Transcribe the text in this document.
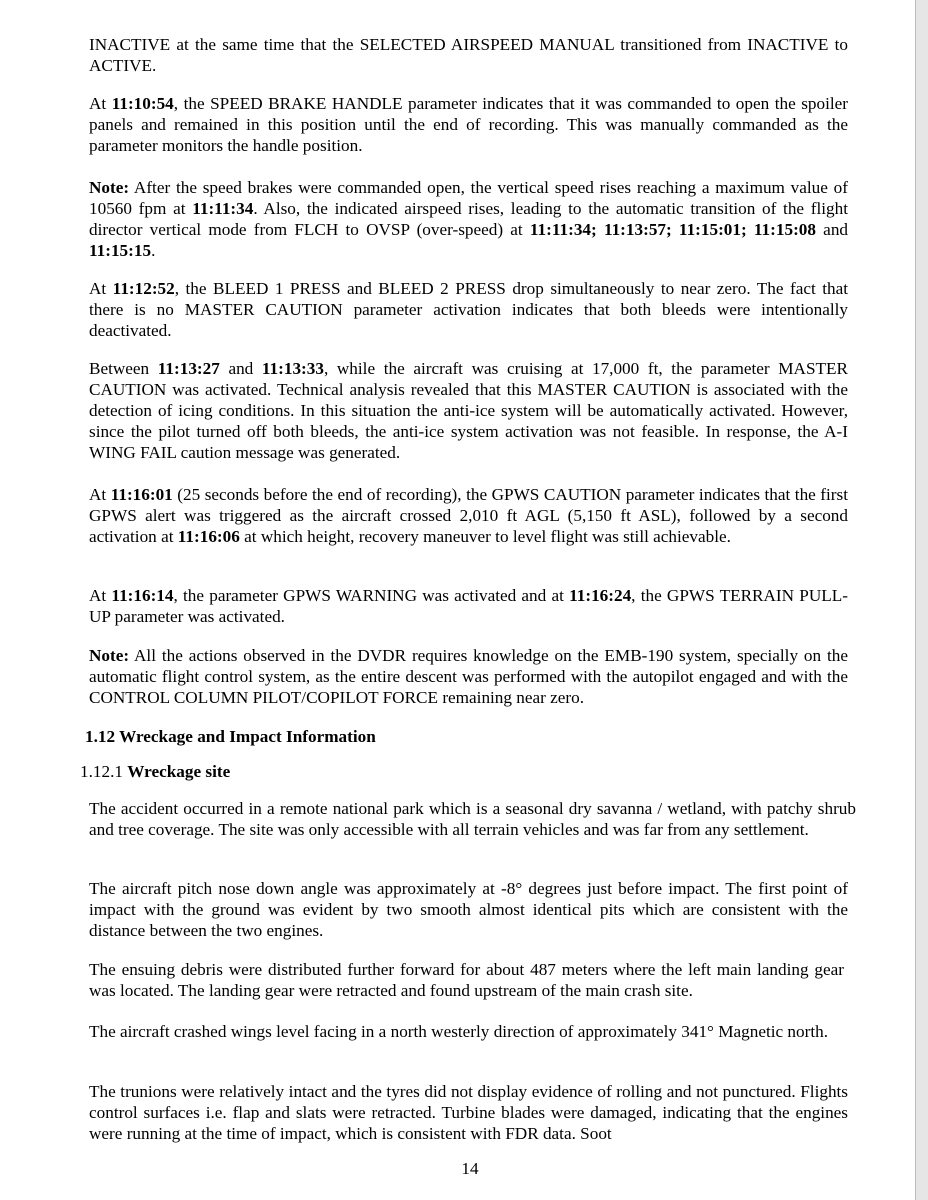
INACTIVE at the same time that the SELECTED AIRSPEED MANUAL transitioned from INACTIVE to ACTIVE.

At 11:10:54, the SPEED BRAKE HANDLE parameter indicates that it was commanded to open the spoiler panels and remained in this position until the end of recording. This was manually commanded as the parameter monitors the handle position.

Note: After the speed brakes were commanded open, the vertical speed rises reaching a maximum value of 10560 fpm at 11:11:34. Also, the indicated airspeed rises, leading to the automatic transition of the flight director vertical mode from FLCH to OVSP (over-speed) at 11:11:34; 11:13:57; 11:15:01; 11:15:08 and 11:15:15.

At 11:12:52, the BLEED 1 PRESS and BLEED 2 PRESS drop simultaneously to near zero. The fact that there is no MASTER CAUTION parameter activation indicates that both bleeds were intentionally deactivated.

Between 11:13:27 and 11:13:33, while the aircraft was cruising at 17,000 ft, the parameter MASTER CAUTION was activated. Technical analysis revealed that this MASTER CAUTION is associated with the detection of icing conditions. In this situation the anti-ice system will be automatically activated. However, since the pilot turned off both bleeds, the anti-ice system activation was not feasible. In response, the A-I WING FAIL caution message was generated.

At 11:16:01 (25 seconds before the end of recording), the GPWS CAUTION parameter indicates that the first GPWS alert was triggered as the aircraft crossed 2,010 ft AGL (5,150 ft ASL), followed by a second activation at 11:16:06 at which height, recovery maneuver to level flight was still achievable.

At 11:16:14, the parameter GPWS WARNING was activated and at 11:16:24, the GPWS TERRAIN PULL-UP parameter was activated.

Note: All the actions observed in the DVDR requires knowledge on the EMB-190 system, specially on the automatic flight control system, as the entire descent was performed with the autopilot engaged and with the CONTROL COLUMN PILOT/COPILOT FORCE remaining near zero.

1.12 Wreckage and Impact Information
1.12.1 Wreckage site

The accident occurred in a remote national park which is a seasonal dry savanna / wetland, with patchy shrub and tree coverage. The site was only accessible with all terrain vehicles and was far from any settlement.

The aircraft pitch nose down angle was approximately at -8° degrees just before impact. The first point of impact with the ground was evident by two smooth almost identical pits which are consistent with the distance between the two engines.

The ensuing debris were distributed further forward for about 487 meters where the left main landing gear was located. The landing gear were retracted and found upstream of the main crash site.

The aircraft crashed wings level facing in a north westerly direction of approximately 341° Magnetic north.

The trunions were relatively intact and the tyres did not display evidence of rolling and not punctured. Flights control surfaces i.e. flap and slats were retracted. Turbine blades were damaged, indicating that the engines were running at the time of impact, which is consistent with FDR data. Soot

14
